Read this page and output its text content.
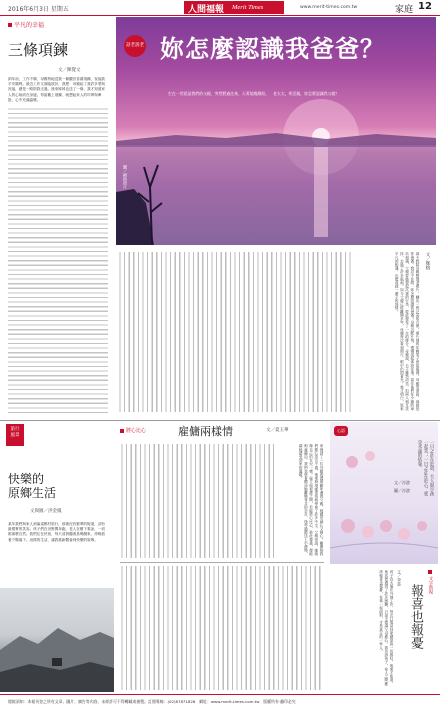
2016年6月3日 星期五	人間福報 Merit Times	www.merit-times.com.tw	家庭 12
平凡的幸福
三條項鍊
文／陳覺文

兩年前，工作不順，母親特地送我一條觀音菩薩項鍊，祝福我平安順利。最近工作又面臨波折，我想：母親給了我許多愛與祝福，總是一路陪我走過。後來姊姊也送了一條，我才知道家人的心始終在身邊。每當戴上項鍊，就想起家人的叮嚀與牽掛，心中充滿溫暖。

話老說老 妳怎麼認識我爸爸？
生在一世就是我們的父親，突然將過往來，天黃地燦總結。　老太太，明至親，妳怎麼認識我父親？
圖／網路照片
文／鄭榕

那天我陪母親整理老照片，翻出一張泛黃的合照，照片裡的年輕男子意氣風發。母親笑著說，那就是你爸爸。我忍不住問：妳怎麼認識我爸爸？母親沉默片刻，慢慢說起那段往事。當年他們在小鎮的車站相遇，父親替她提起沉重的行李，從此便有了一生的緣分。母親說，日子雖然清苦，但兩人相互扶持，走過了許多風雨。如今父親已經離開多年，母親每次看到照片，眼中仍閃著光。我才明白，原來平凡的相遇，也能成就一輩子的深情。

旅行
風景
快樂的
原鄉生活
文與圖／洪金鳳

某年我們與家人到偏遠鄉村旅行，那裡沒有繁華的街道，卻有最樸實的笑容。孩子們在田野間奔跑，老人在樹下乘涼，一切都那麼自然。我們住在民宿，每天清晨聽著鳥鳴醒來，傍晚看著夕陽落下。這樣的生活，讓我重新體會到快樂的原鄉。

將心比心	雇傭兩樣情	文／夏玉華

家裡請了一位外籍看護照顧年邁的父親，她總是細心又耐心。剛開始我們擔心語言不通，後來發現她很快就學會了許多中文。父親常說，她就像自己的女兒一樣。雇主與看護之間，若能將心比心，彼此尊重，便能相處融洽。我們也學著體諒她離鄉背井的辛苦，逢年過節送上小禮物，讓她感受到家的溫暖。

心語
文／沙游
圖／沙游	一日之計在於晨，大人與小孩一起笑；一日之計在於心，愛是永遠的依靠。

文字新視
報喜也報憂
文／李嘉

孩子長大後在外地工作，每次打電話回家總是說一切都好。後來才知道，他其實遇到了許多困難，只是不想讓父母擔心。我告訴孩子，家人之間應該報喜也報憂，有事一起面對，才是真正的一家人。

閱報須知：本報刊登之所有文章、圖片、廣告等內容，未經許可不得轉載或複製。訂閱專線：(02)87871828　網址：www.merit-times.com.tw　版權所有‧翻印必究
